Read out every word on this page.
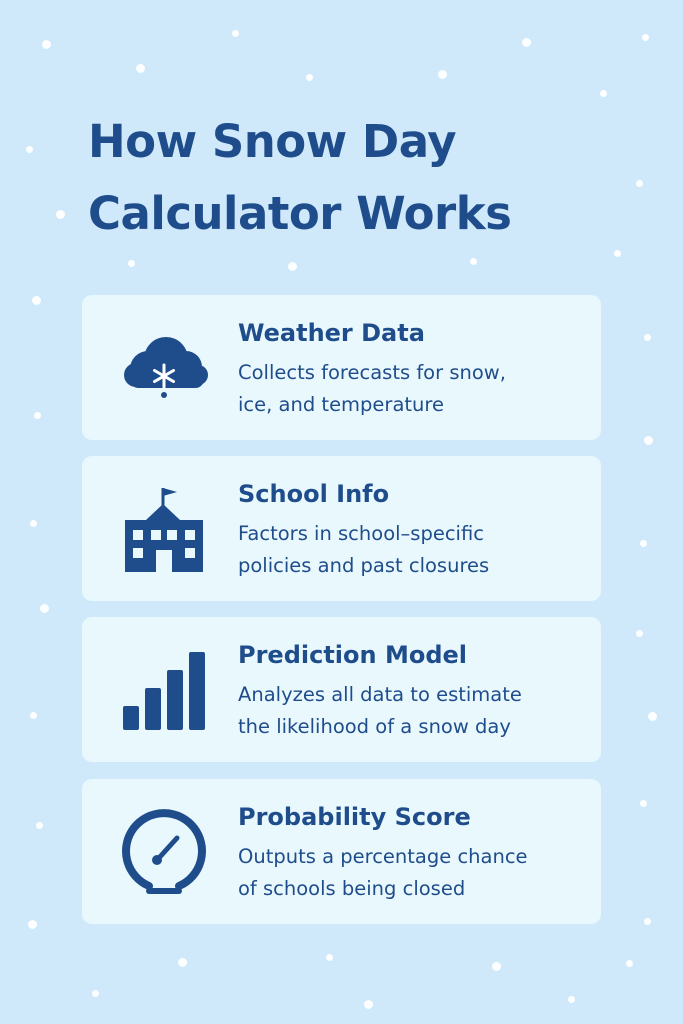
How Snow Day
Calculator Works
Weather Data
Collects forecasts for snow,
ice, and temperature
School Info
Factors in school–specific
policies and past closures
Prediction Model
Analyzes all data to estimate
the likelihood of a snow day
Probability Score
Outputs a percentage chance
of schools being closed
